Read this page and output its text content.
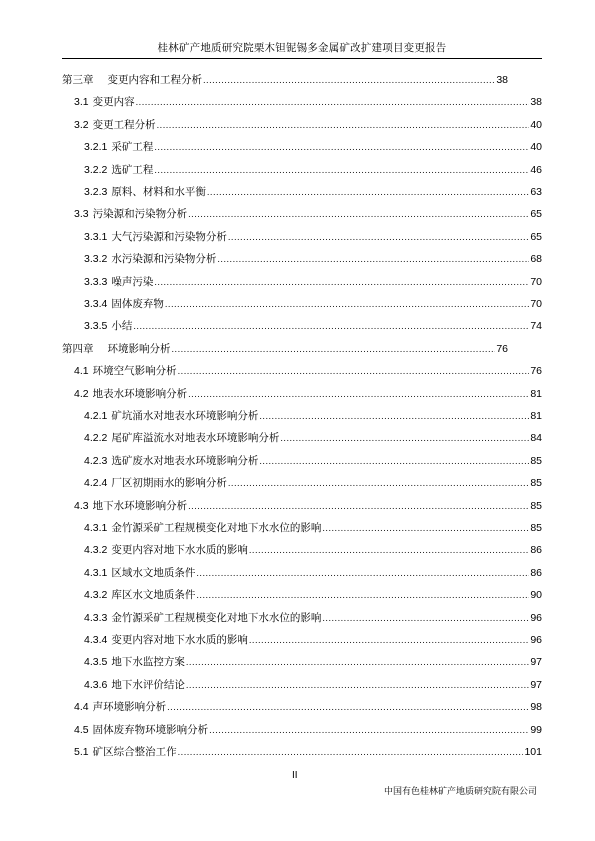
桂林矿产地质研究院栗木钽铌锡多金属矿改扩建项目变更报告
第三章 变更内容和工程分析 .....	38
3.1 变更内容 .....	38
3.2 变更工程分析 .....	40
3.2.1 采矿工程 .....	40
3.2.2 选矿工程 .....	46
3.2.3 原料、材料和水平衡 .....	63
3.3 污染源和污染物分析 .....	65
3.3.1 大气污染源和污染物分析 .....	65
3.3.2 水污染源和污染物分析 .....	68
3.3.3 噪声污染 .....	70
3.3.4 固体废弃物 .....	70
3.3.5 小结 .....	74
第四章 环境影响分析 .....	76
4.1 环境空气影响分析 .....	76
4.2 地表水环境影响分析 .....	81
4.2.1 矿坑涌水对地表水环境影响分析 .....	81
4.2.2 尾矿库溢流水对地表水环境影响分析 .....	84
4.2.3 选矿废水对地表水环境影响分析 .....	85
4.2.4 厂区初期雨水的影响分析 .....	85
4.3 地下水环境影响分析 .....	85
4.3.1 金竹源采矿工程规模变化对地下水水位的影响 .....	85
4.3.2 变更内容对地下水水质的影响 .....	86
4.3.1 区域水文地质条件 .....	86
4.3.2 库区水文地质条件 .....	90
4.3.3 金竹源采矿工程规模变化对地下水水位的影响 .....	96
4.3.4 变更内容对地下水水质的影响 .....	96
4.3.5 地下水监控方案 .....	97
4.3.6 地下水评价结论 .....	97
4.4 声环境影响分析 .....	98
4.5 固体废弃物环境影响分析 .....	99
5.1 矿区综合整治工作 .....	101
II
中国有色桂林矿产地质研究院有限公司
